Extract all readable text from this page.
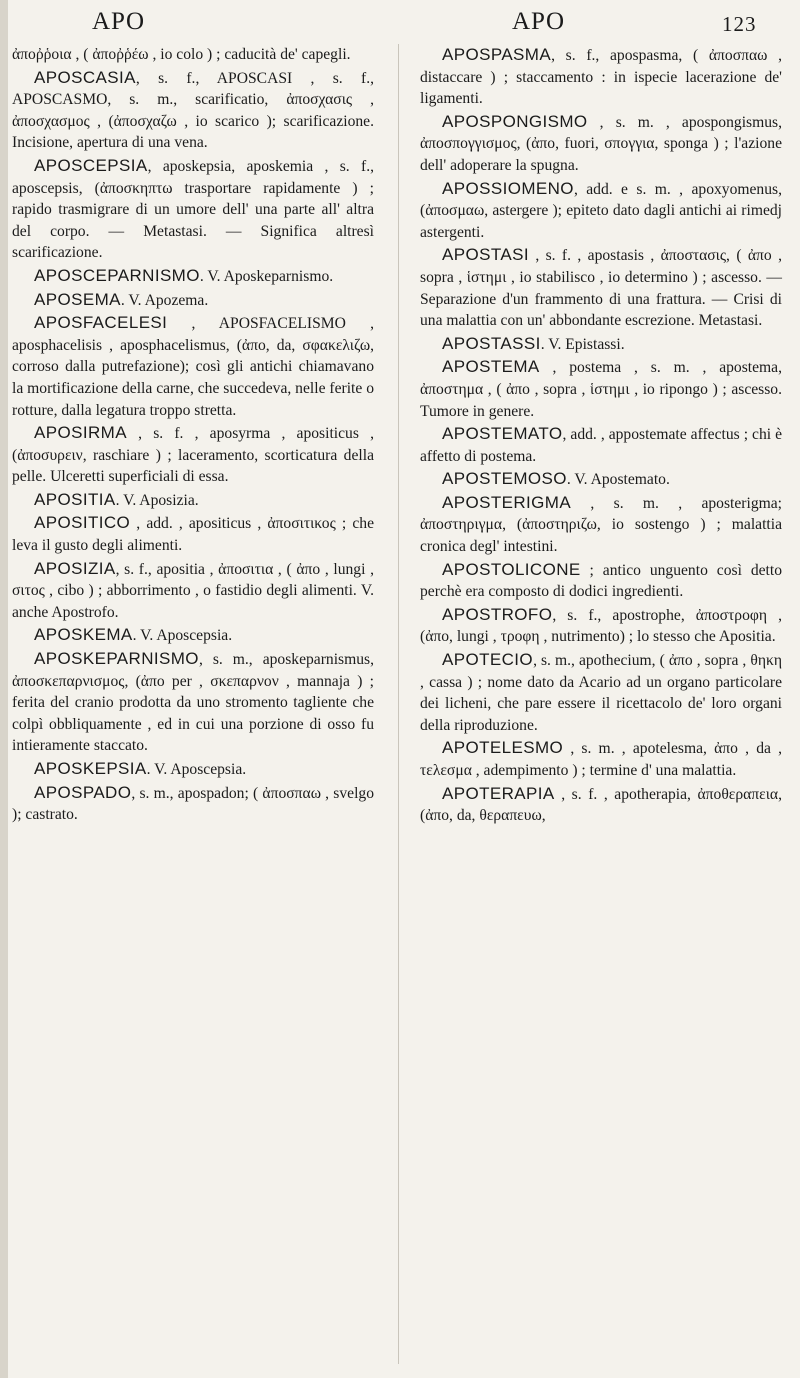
APO	APO	123

ἀποῤῥοια , ( ἀποῤῥέω , io colo ) ; caducità de' capegli.

APOSCASIA, s. f., APOSCASI , s. f., APOSCASMO, s. m., scarificatio, ἀποσχασις , ἀποσχασμος , (ἀποσχαζω , io scarico ); scarificazione. Incisione, apertura di una vena.

APOSCEPSIA, aposkepsia, aposkemia , s. f., aposcepsis, (ἀποσκηπτω trasportare rapidamente ) ; rapido trasmigrare di un umore dell' una parte all' altra del corpo. — Metastasi. — Significa altresì scarificazione.

APOSCEPARNISMO. V. Aposkeparnismo.

APOSEMA. V. Apozema.

APOSFACELESI , APOSFACELISMO , aposphacelisis , aposphacelismus, (ἀπο, da, σφακελιζω, corroso dalla putrefazione); così gli antichi chiamavano la mortificazione della carne, che succedeva, nelle ferite o rotture, dalla legatura troppo stretta.

APOSIRMA , s. f. , aposyrma , apositicus , (ἀποσυρειν, raschiare ) ; laceramento, scorticatura della pelle. Ulceretti superficiali di essa.

APOSITIA. V. Aposizia.

APOSITICO , add. , apositicus , ἀποσιτικος ; che leva il gusto degli alimenti.

APOSIZIA, s. f., apositia , ἀποσιτια , ( ἀπο , lungi , σιτος , cibo ) ; abborrimento , o fastidio degli alimenti. V. anche Apostrofo.

APOSKEMA. V. Aposcepsia.

APOSKEPARNISMO, s. m., aposkeparnismus, ἀποσκεπαρνισμος, (ἀπο per , σκεπαρνον , mannaja ) ; ferita del cranio prodotta da uno stromento tagliente che colpì obbliquamente , ed in cui una porzione di osso fu intieramente staccato.

APOSKEPSIA. V. Aposcepsia.

APOSPADO, s. m., apospadon; ( ἀποσπαω , svelgo ); castrato.

APOSPASMA, s. f., apospasma, ( ἀποσπαω , distaccare ) ; staccamento : in ispecie lacerazione de' ligamenti.

APOSPONGISMO , s. m. , apospongismus, ἀποσπογγισμος, (ἀπο, fuori, σπογγια, sponga ) ; l'azione dell' adoperare la spugna.

APOSSIOMENO, add. e s. m. , apoxyomenus, (ἀποσμαω, astergere ); epiteto dato dagli antichi ai rimedj astergenti.

APOSTASI , s. f. , apostasis , ἀποστασις, ( ἀπο , sopra , ἱστημι , io stabilisco , io determino ) ; ascesso. — Separazione d'un frammento di una frattura. — Crisi di una malattia con un' abbondante escrezione. Metastasi.

APOSTASSI. V. Epistassi.

APOSTEMA , postema , s. m. , apostema, ἀποστημα , ( ἀπο , sopra , ἱστημι , io ripongo ) ; ascesso. Tumore in genere.

APOSTEMATO, add. , appostemate affectus ; chi è affetto di postema.

APOSTEMOSO. V. Apostemato.

APOSTERIGMA , s. m. , aposterigma; ἀποστηριγμα, (ἀποστηριζω, io sostengo ) ; malattia cronica degl' intestini.

APOSTOLICONE ; antico unguento così detto perchè era composto di dodici ingredienti.

APOSTROFO, s. f., apostrophe, ἀποστροφη , (ἀπο, lungi , τροφη , nutrimento) ; lo stesso che Apositia.

APOTECIO, s. m., apothecium, ( ἀπο , sopra , θηκη , cassa ) ; nome dato da Acario ad un organo particolare dei licheni, che pare essere il ricettacolo de' loro organi della riproduzione.

APOTELESMO , s. m. , apotelesma, ἀπο , da , τελεσμα , adempimento ) ; termine d' una malattia.

APOTERAPIA , s. f. , apotherapia, ἀποθεραπεια, (ἀπο, da, θεραπευω,
